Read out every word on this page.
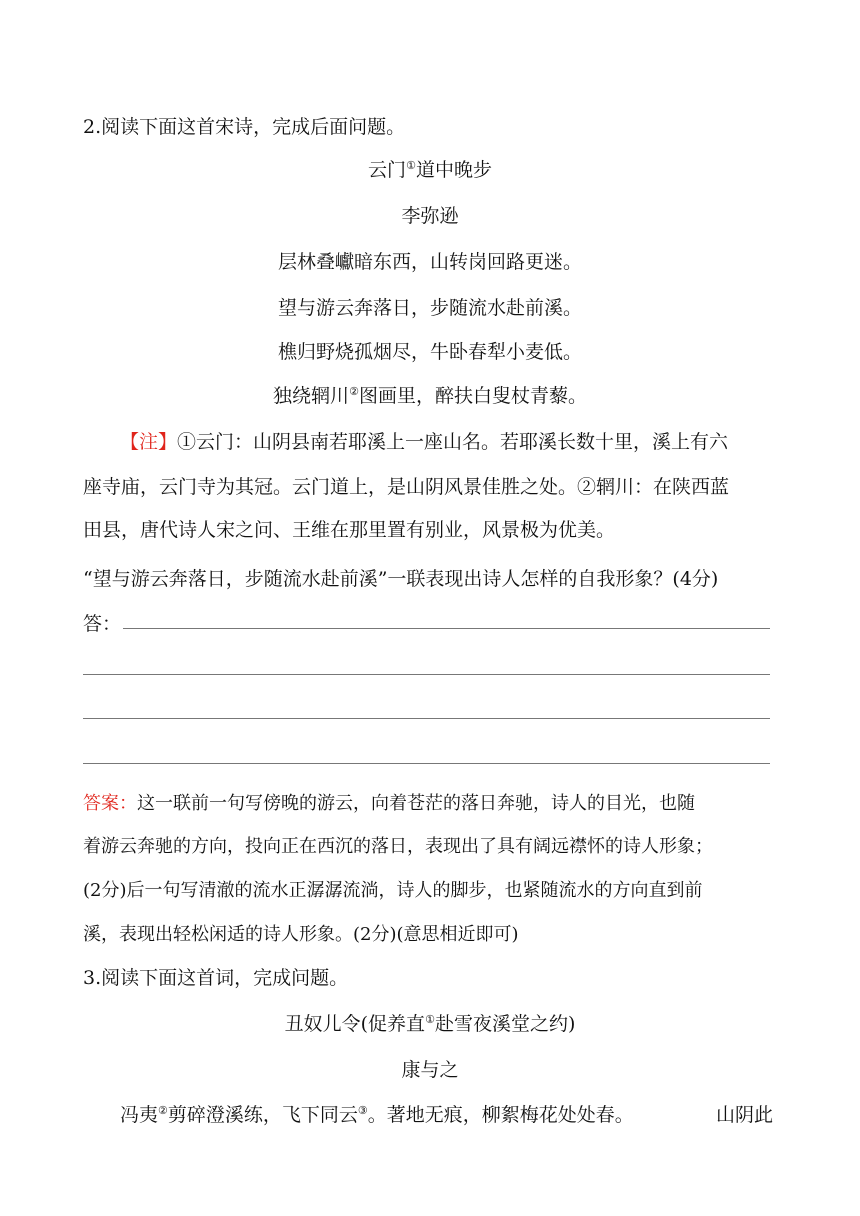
2.阅读下面这首宋诗，完成后面问题。
云门①道中晚步
李弥逊
层林叠巘暗东西，山转岗回路更迷。
望与游云奔落日，步随流水赴前溪。
樵归野烧孤烟尽，牛卧春犁小麦低。
独绕辋川②图画里，醉扶白叟杖青藜。
【注】①云门：山阴县南若耶溪上一座山名。若耶溪长数十里，溪上有六
座寺庙，云门寺为其冠。云门道上，是山阴风景佳胜之处。②辋川：在陕西蓝
田县，唐代诗人宋之问、王维在那里置有别业，风景极为优美。
“望与游云奔落日，步随流水赴前溪”一联表现出诗人怎样的自我形象？(4分)
答：
答案：这一联前一句写傍晚的游云，向着苍茫的落日奔驰，诗人的目光，也随
着游云奔驰的方向，投向正在西沉的落日，表现出了具有阔远襟怀的诗人形象；
(2分)后一句写清澈的流水正潺潺流淌，诗人的脚步，也紧随流水的方向直到前
溪，表现出轻松闲适的诗人形象。(2分)(意思相近即可)
3.阅读下面这首词，完成问题。
丑奴儿令(促养直①赴雪夜溪堂之约)
康与之
冯夷②剪碎澄溪练，飞下同云③。著地无痕，柳絮梅花处处春。	山阴此
